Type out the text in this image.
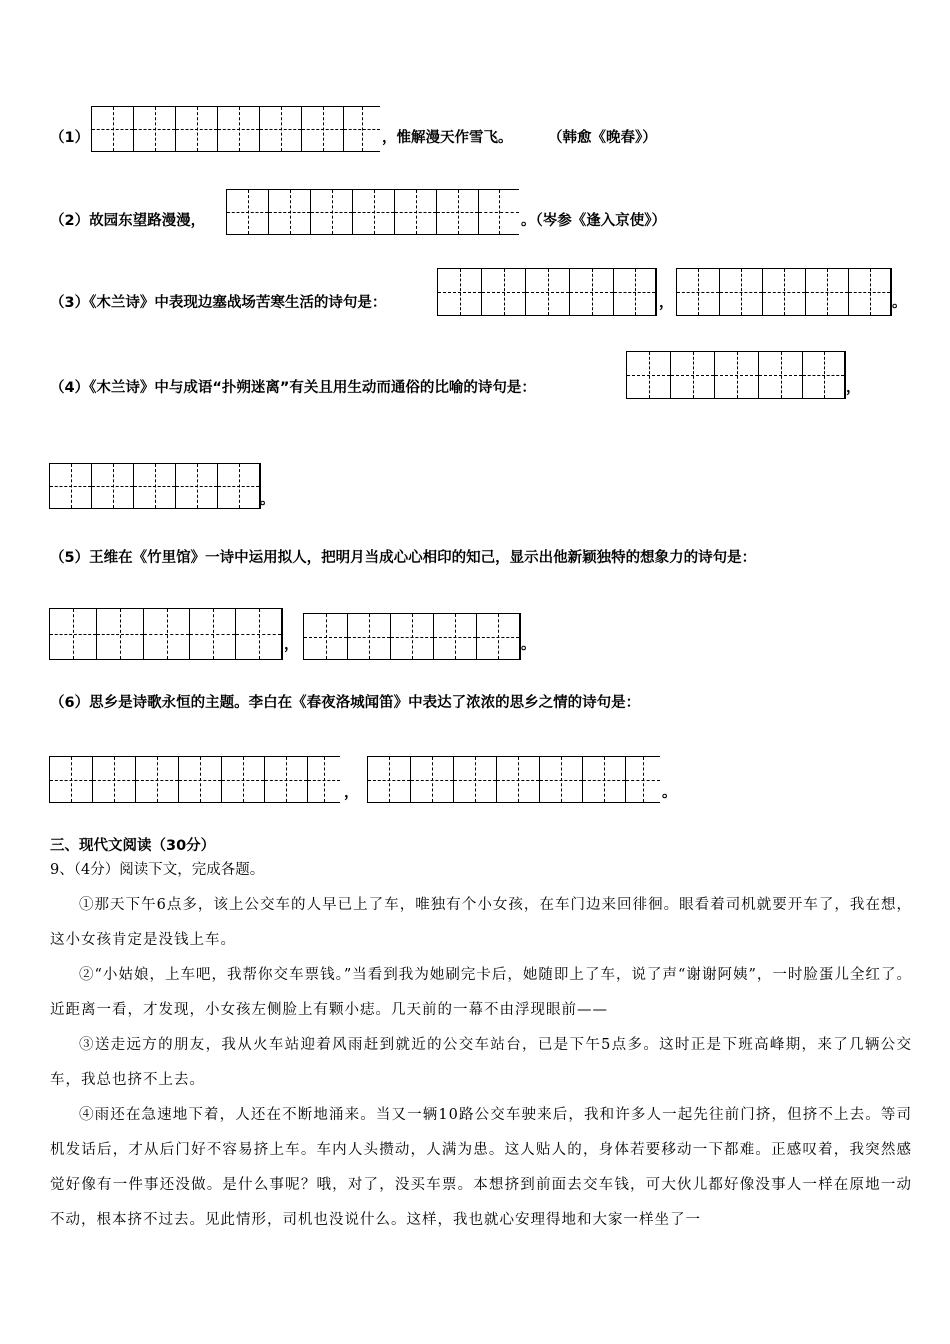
（1）	，惟解漫天作雪飞。 （韩愈《晚春》）
（2）故园东望路漫漫，	。（岑参《逢入京使》）
（3）《木兰诗》中表现边塞战场苦寒生活的诗句是：	，	。
（4）《木兰诗》中与成语“扑朔迷离”有关且用生动而通俗的比喻的诗句是：	，
。
（5）王维在《竹里馆》一诗中运用拟人，把明月当成心心相印的知己，显示出他新颖独特的想象力的诗句是：
，	。
（6）思乡是诗歌永恒的主题。李白在《春夜洛城闻笛》中表达了浓浓的思乡之情的诗句是：
，	。
三、现代文阅读（30分）
9、（4分）阅读下文，完成各题。
①那天下午6点多，该上公交车的人早已上了车，唯独有个小女孩，在车门边来回徘徊。眼看着司机就要开车了，我在想，这小女孩肯定是没钱上车。
②“小姑娘，上车吧，我帮你交车票钱。”当看到我为她刷完卡后，她随即上了车，说了声“谢谢阿姨”，一时脸蛋儿全红了。近距离一看，才发现，小女孩左侧脸上有颗小痣。几天前的一幕不由浮现眼前——
③送走远方的朋友，我从火车站迎着风雨赶到就近的公交车站台，已是下午5点多。这时正是下班高峰期，来了几辆公交车，我总也挤不上去。
④雨还在急速地下着，人还在不断地涌来。当又一辆10路公交车驶来后，我和许多人一起先往前门挤，但挤不上去。等司机发话后，才从后门好不容易挤上车。车内人头攒动，人满为患。这人贴人的，身体若要移动一下都难。正感叹着，我突然感觉好像有一件事还没做。是什么事呢？哦，对了，没买车票。本想挤到前面去交车钱，可大伙儿都好像没事人一样在原地一动不动，根本挤不过去。见此情形，司机也没说什么。这样，我也就心安理得地和大家一样坐了一
